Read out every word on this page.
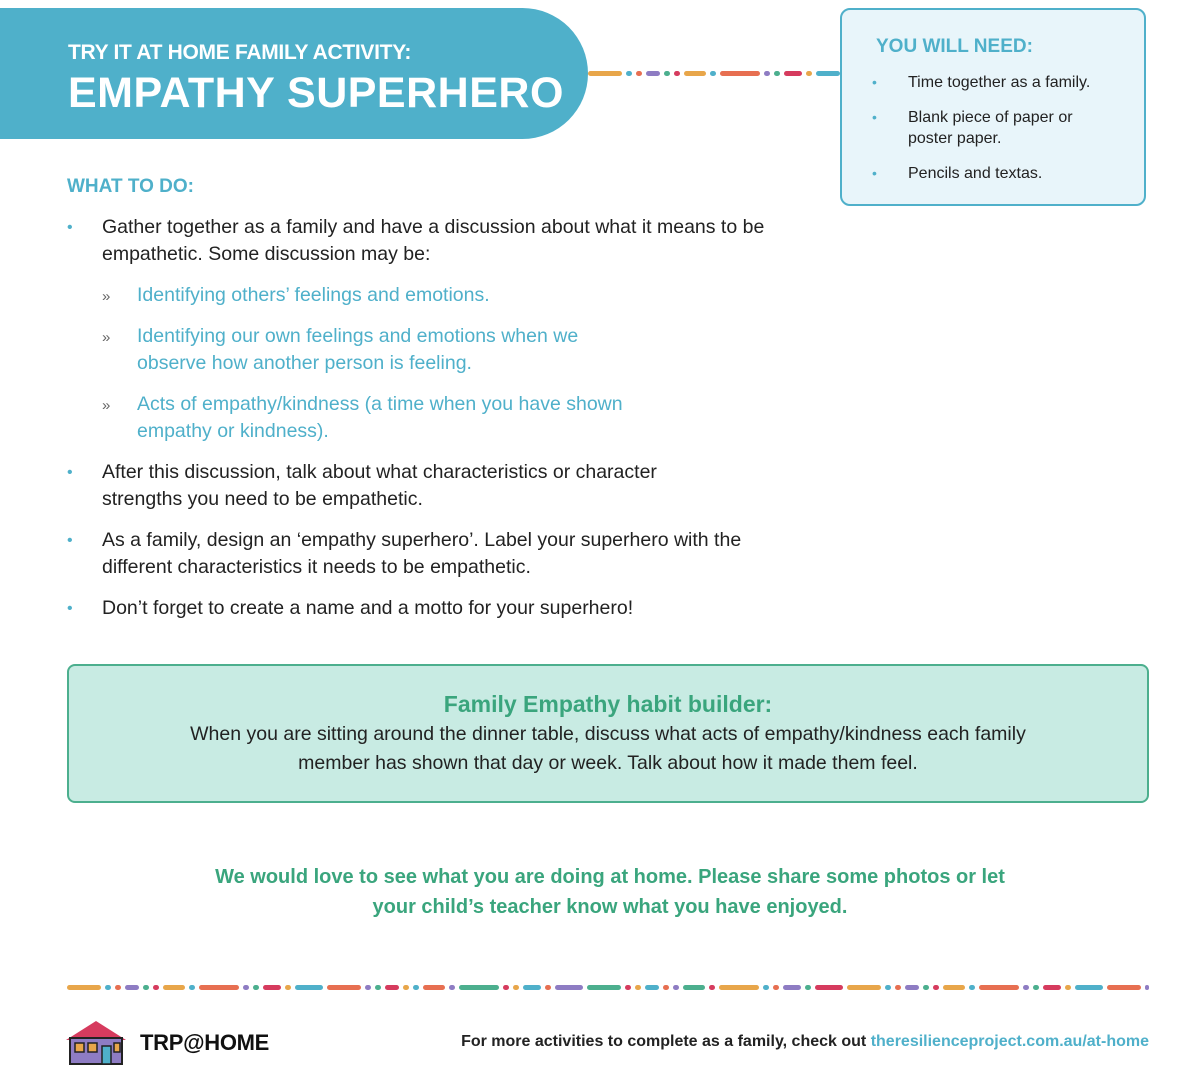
TRY IT AT HOME FAMILY ACTIVITY:
EMPATHY SUPERHERO
YOU WILL NEED:
• Time together as a family.
• Blank piece of paper or poster paper.
• Pencils and textas.
WHAT TO DO:
• Gather together as a family and have a discussion about what it means to be empathetic. Some discussion may be:
» Identifying others’ feelings and emotions.
» Identifying our own feelings and emotions when we observe how another person is feeling.
» Acts of empathy/kindness (a time when you have shown empathy or kindness).
• After this discussion, talk about what characteristics or character strengths you need to be empathetic.
• As a family, design an ‘empathy superhero’. Label your superhero with the different characteristics it needs to be empathetic.
• Don’t forget to create a name and a motto for your superhero!
Family Empathy habit builder:
When you are sitting around the dinner table, discuss what acts of empathy/kindness each family member has shown that day or week. Talk about how it made them feel.
We would love to see what you are doing at home. Please share some photos or let your child’s teacher know what you have enjoyed.
TRP@HOME	For more activities to complete as a family, check out theresilienceproject.com.au/at-home
